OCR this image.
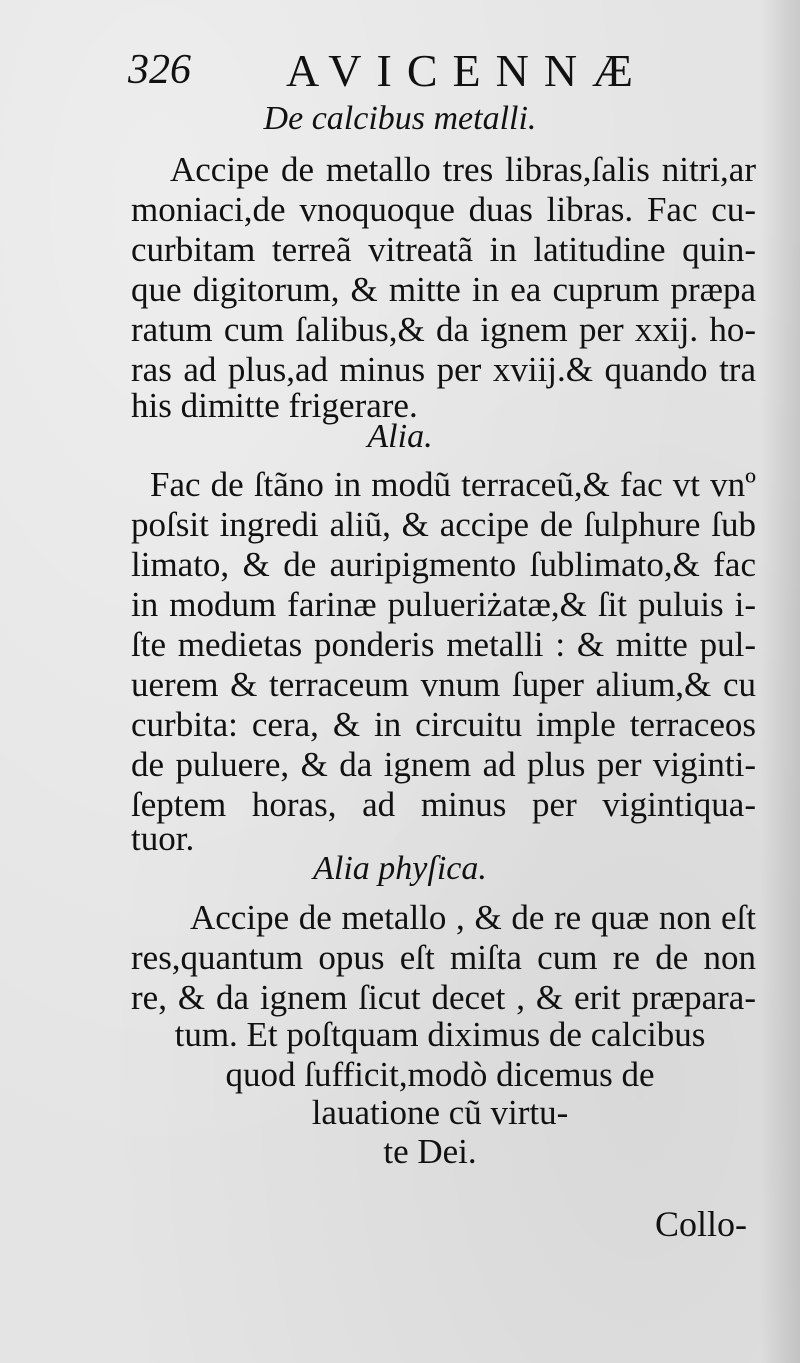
326 AVICENNÆ
De calcibus metalli.
Accipe de metallo tres libras,ſalis nitri,ar
moniaci,de vnoquoque duas libras. Fac cu-
curbitam terreã vitreatã in latitudine quin-
que digitorum, & mitte in ea cuprum præpa
ratum cum ſalibus,& da ignem per xxij. ho-
ras ad plus,ad minus per xviij.& quando tra
his dimitte frigerare.
Alia.
Fac de ſtãno in modũ terraceũ,& fac vt vnº
poſsit ingredi aliũ, & accipe de ſulphure ſub
limato, & de auripigmento ſublimato,& fac
in modum farinæ pulueriżatæ,& ſit puluis i-
ſte medietas ponderis metalli : & mitte pul-
uerem & terraceum vnum ſuper alium,& cu
curbita: cera, & in circuitu imple terraceos
de puluere, & da ignem ad plus per viginti-
ſeptem horas, ad minus per vigintiqua-
tuor.
Alia phyſica.
Accipe de metallo , & de re quæ non eſt
res,quantum opus eſt miſta cum re de non
re, & da ignem ſicut decet , & erit præpara-
tum. Et poſtquam diximus de calcibus
quod ſufficit,modò dicemus de
lauatione cũ virtu-
te Dei.
Collo-
